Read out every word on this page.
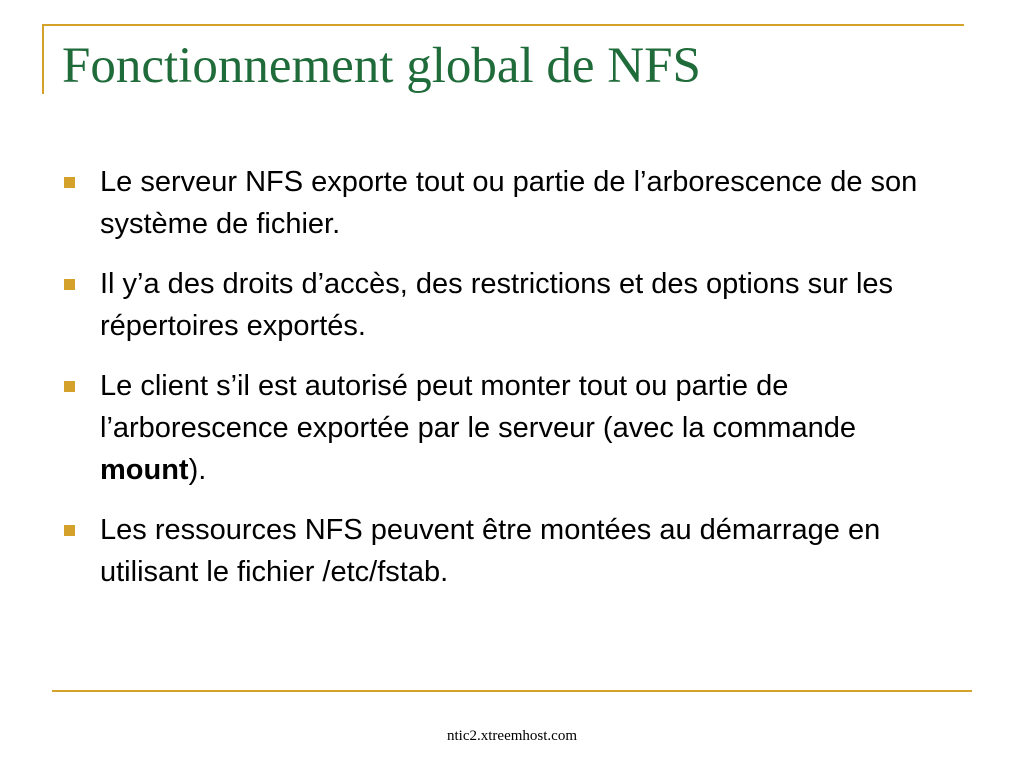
Fonctionnement global de NFS
Le serveur NFS exporte tout ou partie de l’arborescence de son système de fichier.
Il y’a des droits d’accès, des restrictions et des options sur les répertoires exportés.
Le client s’il est autorisé peut monter tout ou partie de l’arborescence exportée par le serveur (avec la commande mount).
Les ressources NFS peuvent être montées au démarrage en utilisant le fichier /etc/fstab.
ntic2.xtreemhost.com
